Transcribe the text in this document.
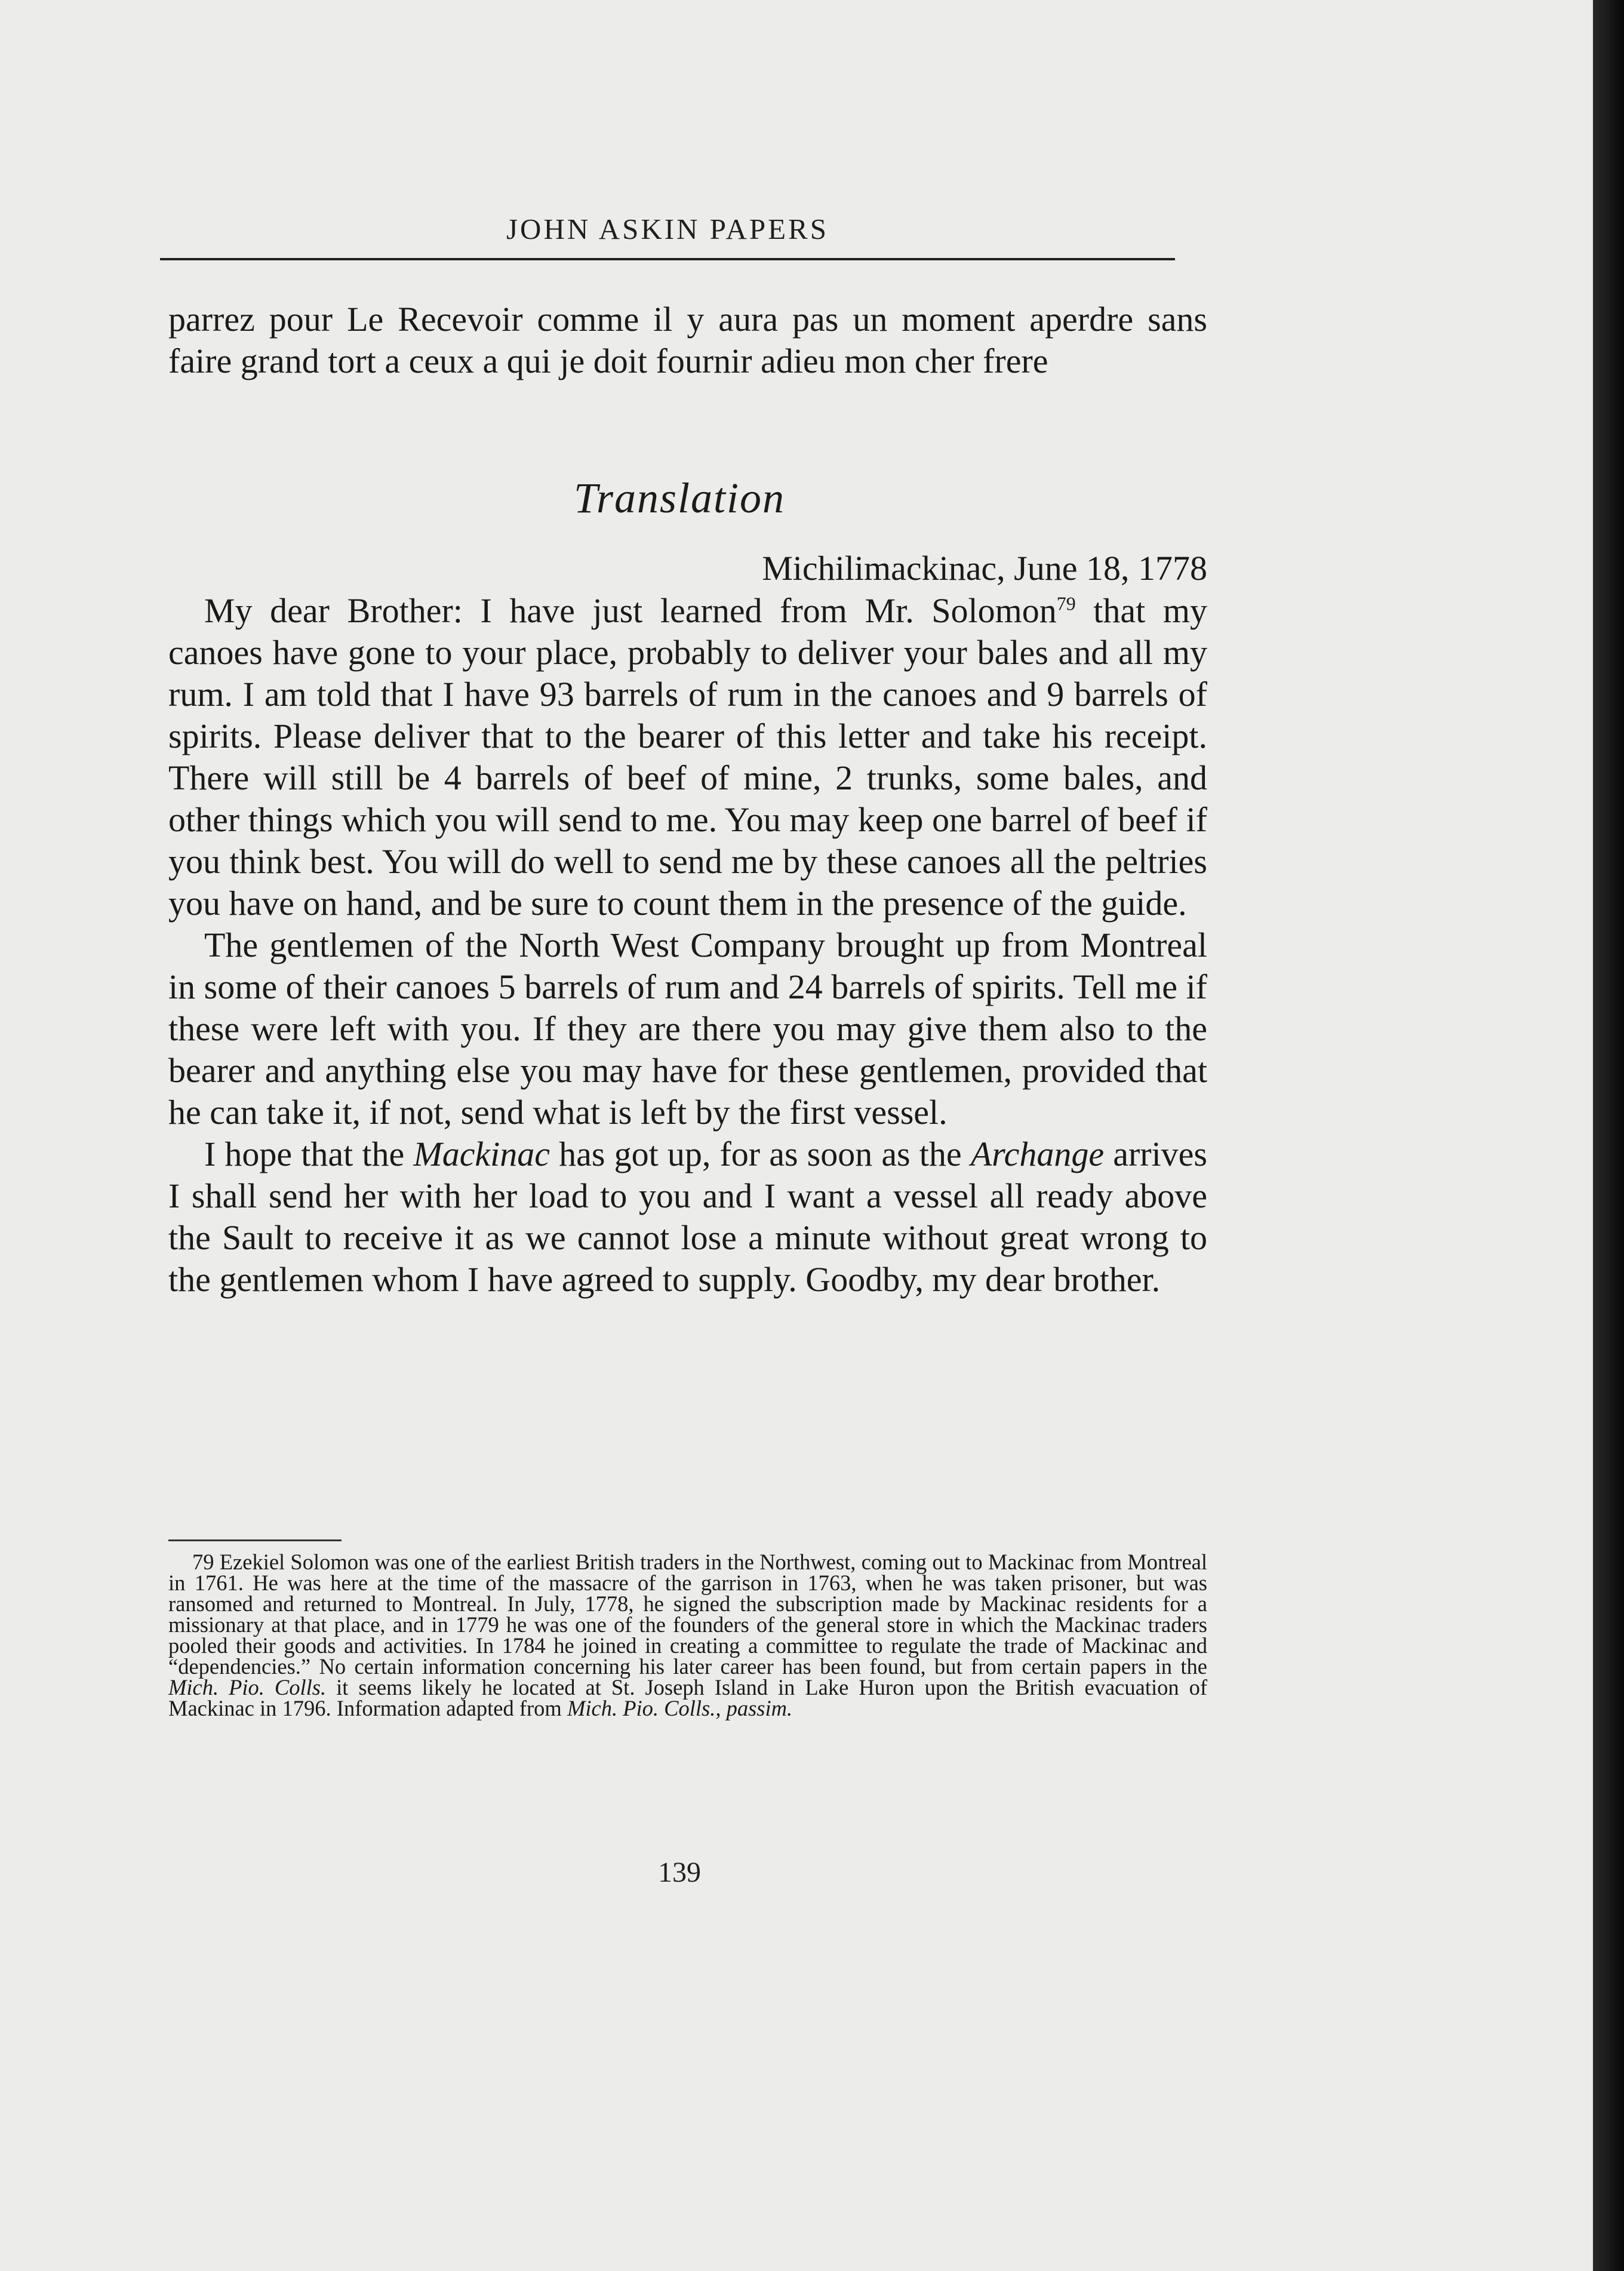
JOHN ASKIN PAPERS

parrez pour Le Recevoir comme il y aura pas un moment aperdre sans faire grand tort a ceux a qui je doit fournir adieu mon cher frere

Translation
Michilimackinac, June 18, 1778

My dear Brother: I have just learned from Mr. Solomon$^{79}$ that my canoes have gone to your place, probably to deliver your bales and all my rum. I am told that I have 93 barrels of rum in the canoes and 9 barrels of spirits. Please deliver that to the bearer of this letter and take his receipt. There will still be 4 barrels of beef of mine, 2 trunks, some bales, and other things which you will send to me. You may keep one barrel of beef if you think best. You will do well to send me by these canoes all the peltries you have on hand, and be sure to count them in the presence of the guide.

The gentlemen of the North West Company brought up from Montreal in some of their canoes 5 barrels of rum and 24 barrels of spirits. Tell me if these were left with you. If they are there you may give them also to the bearer and anything else you may have for these gentlemen, provided that he can take it, if not, send what is left by the first vessel.

I hope that the Mackinac has got up, for as soon as the Archange arrives I shall send her with her load to you and I want a vessel all ready above the Sault to receive it as we cannot lose a minute without great wrong to the gentlemen whom I have agreed to supply. Goodby, my dear brother.

79 Ezekiel Solomon was one of the earliest British traders in the Northwest, coming out to Mackinac from Montreal in 1761. He was here at the time of the massacre of the garrison in 1763, when he was taken prisoner, but was ransomed and returned to Montreal. In July, 1778, he signed the subscription made by Mackinac residents for a missionary at that place, and in 1779 he was one of the founders of the general store in which the Mackinac traders pooled their goods and activities. In 1784 he joined in creating a committee to regulate the trade of Mackinac and “dependencies.” No certain information concerning his later career has been found, but from certain papers in the Mich. Pio. Colls. it seems likely he located at St. Joseph Island in Lake Huron upon the British evacuation of Mackinac in 1796. Information adapted from Mich. Pio. Colls., passim.

139
